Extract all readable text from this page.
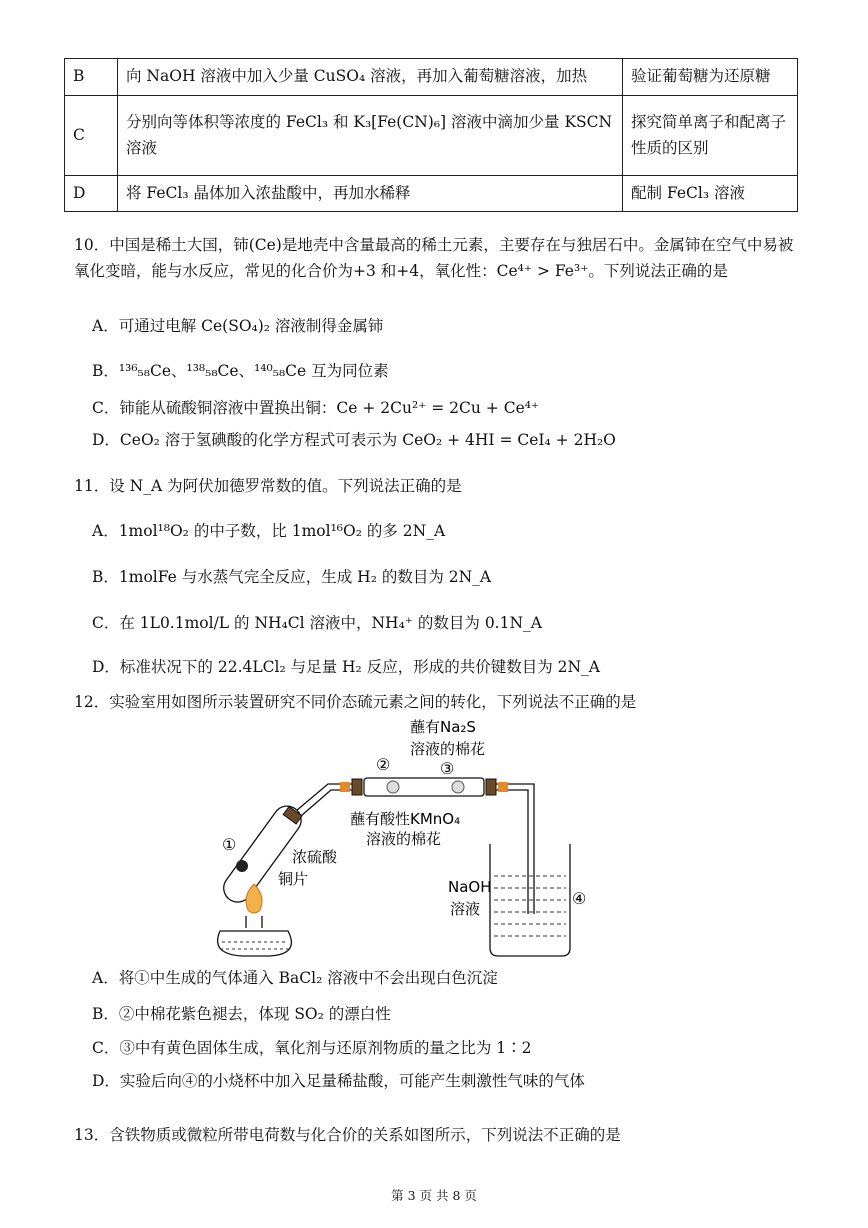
B	向 NaOH 溶液中加入少量 CuSO₄ 溶液，再加入葡萄糖溶液，加热	验证葡萄糖为还原糖
C	分别向等体积等浓度的 FeCl₃ 和 K₃[Fe(CN)₆] 溶液中滴加少量 KSCN 溶液	探究简单离子和配离子性质的区别
D	将 FeCl₃ 晶体加入浓盐酸中，再加水稀释	配制 FeCl₃ 溶液
10．中国是稀土大国，铈(Ce)是地壳中含量最高的稀土元素，主要存在与独居石中。金属铈在空气中易被氧化变暗，能与水反应，常见的化合价为+3 和+4，氧化性：Ce⁴⁺ > Fe³⁺。下列说法正确的是
A．可通过电解 Ce(SO₄)₂ 溶液制得金属铈
B．¹³⁶₅₈Ce、¹³⁸₅₈Ce、¹⁴⁰₅₈Ce 互为同位素
C．铈能从硫酸铜溶液中置换出铜：Ce + 2Cu²⁺ = 2Cu + Ce⁴⁺
D．CeO₂ 溶于氢碘酸的化学方程式可表示为 CeO₂ + 4HI = CeI₄ + 2H₂O
11．设 N_A 为阿伏加德罗常数的值。下列说法正确的是
A．1mol¹⁸O₂ 的中子数，比 1mol¹⁶O₂ 的多 2N_A
B．1molFe 与水蒸气完全反应，生成 H₂ 的数目为 2N_A
C．在 1L0.1mol/L 的 NH₄Cl 溶液中，NH₄⁺ 的数目为 0.1N_A
D．标准状况下的 22.4LCl₂ 与足量 H₂ 反应，形成的共价键数目为 2N_A
12．实验室用如图所示装置研究不同价态硫元素之间的转化，下列说法不正确的是
蘸有Na₂S
溶液的棉花
蘸有酸性KMnO₄
溶液的棉花
浓硫酸
铜片	NaOH
溶液
②	③
①
④
A．将①中生成的气体通入 BaCl₂ 溶液中不会出现白色沉淀
B．②中棉花紫色褪去，体现 SO₂ 的漂白性
C．③中有黄色固体生成，氧化剂与还原剂物质的量之比为 1∶2
D．实验后向④的小烧杯中加入足量稀盐酸，可能产生刺激性气味的气体
13．含铁物质或微粒所带电荷数与化合价的关系如图所示，下列说法不正确的是
第 3 页 共 8 页
